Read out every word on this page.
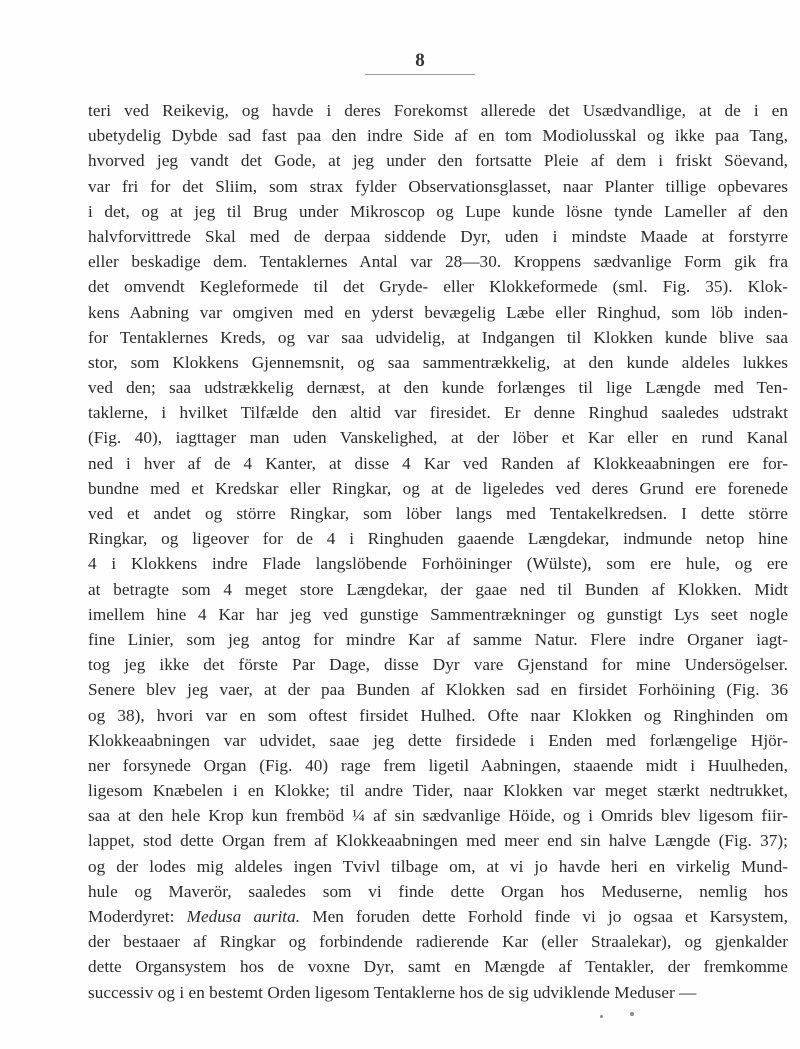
8
teri ved Reikevig, og havde i deres Forekomst allerede det Usædvandlige, at de i en
ubetydelig Dybde sad fast paa den indre Side af en tom Modiolusskal og ikke paa Tang,
hvorved jeg vandt det Gode, at jeg under den fortsatte Pleie af dem i friskt Söevand,
var fri for det Sliim, som strax fylder Observationsglasset, naar Planter tillige opbevares
i det, og at jeg til Brug under Mikroscop og Lupe kunde lösne tynde Lameller af den
halvforvittrede Skal med de derpaa siddende Dyr, uden i mindste Maade at forstyrre
eller beskadige dem. Tentaklernes Antal var 28—30. Kroppens sædvanlige Form gik fra
det omvendt Kegleformede til det Gryde- eller Klokkeformede (sml. Fig. 35). Klok-
kens Aabning var omgiven med en yderst bevægelig Læbe eller Ringhud, som löb inden-
for Tentaklernes Kreds, og var saa udvidelig, at Indgangen til Klokken kunde blive saa
stor, som Klokkens Gjennemsnit, og saa sammentrækkelig, at den kunde aldeles lukkes
ved den; saa udstrækkelig dernæst, at den kunde forlænges til lige Længde med Ten-
taklerne, i hvilket Tilfælde den altid var firesidet. Er denne Ringhud saaledes udstrakt
(Fig. 40), iagttager man uden Vanskelighed, at der löber et Kar eller en rund Kanal
ned i hver af de 4 Kanter, at disse 4 Kar ved Randen af Klokkeaabningen ere for-
bundne med et Kredskar eller Ringkar, og at de ligeledes ved deres Grund ere forenede
ved et andet og större Ringkar, som löber langs med Tentakelkredsen. I dette större
Ringkar, og ligeover for de 4 i Ringhuden gaaende Længdekar, indmunde netop hine
4 i Klokkens indre Flade langslöbende Forhöininger (Wülste), som ere hule, og ere
at betragte som 4 meget store Længdekar, der gaae ned til Bunden af Klokken. Midt
imellem hine 4 Kar har jeg ved gunstige Sammentrækninger og gunstigt Lys seet nogle
fine Linier, som jeg antog for mindre Kar af samme Natur. Flere indre Organer iagt-
tog jeg ikke det förste Par Dage, disse Dyr vare Gjenstand for mine Undersögelser.
Senere blev jeg vaer, at der paa Bunden af Klokken sad en firsidet Forhöining (Fig. 36
og 38), hvori var en som oftest firsidet Hulhed. Ofte naar Klokken og Ringhinden om
Klokkeaabningen var udvidet, saae jeg dette firsidede i Enden med forlængelige Hjör-
ner forsynede Organ (Fig. 40) rage frem ligetil Aabningen, staaende midt i Huulheden,
ligesom Knæbelen i en Klokke; til andre Tider, naar Klokken var meget stærkt nedtrukket,
saa at den hele Krop kun fremböd ¼ af sin sædvanlige Höide, og i Omrids blev ligesom fiir-
lappet, stod dette Organ frem af Klokkeaabningen med meer end sin halve Længde (Fig. 37);
og der lodes mig aldeles ingen Tvivl tilbage om, at vi jo havde heri en virkelig Mund-
hule og Maverör, saaledes som vi finde dette Organ hos Meduserne, nemlig hos
Moderdyret: Medusa aurita. Men foruden dette Forhold finde vi jo ogsaa et Karsystem,
der bestaaer af Ringkar og forbindende radierende Kar (eller Straalekar), og gjenkalder
dette Organsystem hos de voxne Dyr, samt en Mængde af Tentakler, der fremkomme
successiv og i en bestemt Orden ligesom Tentaklerne hos de sig udviklende Meduser —
